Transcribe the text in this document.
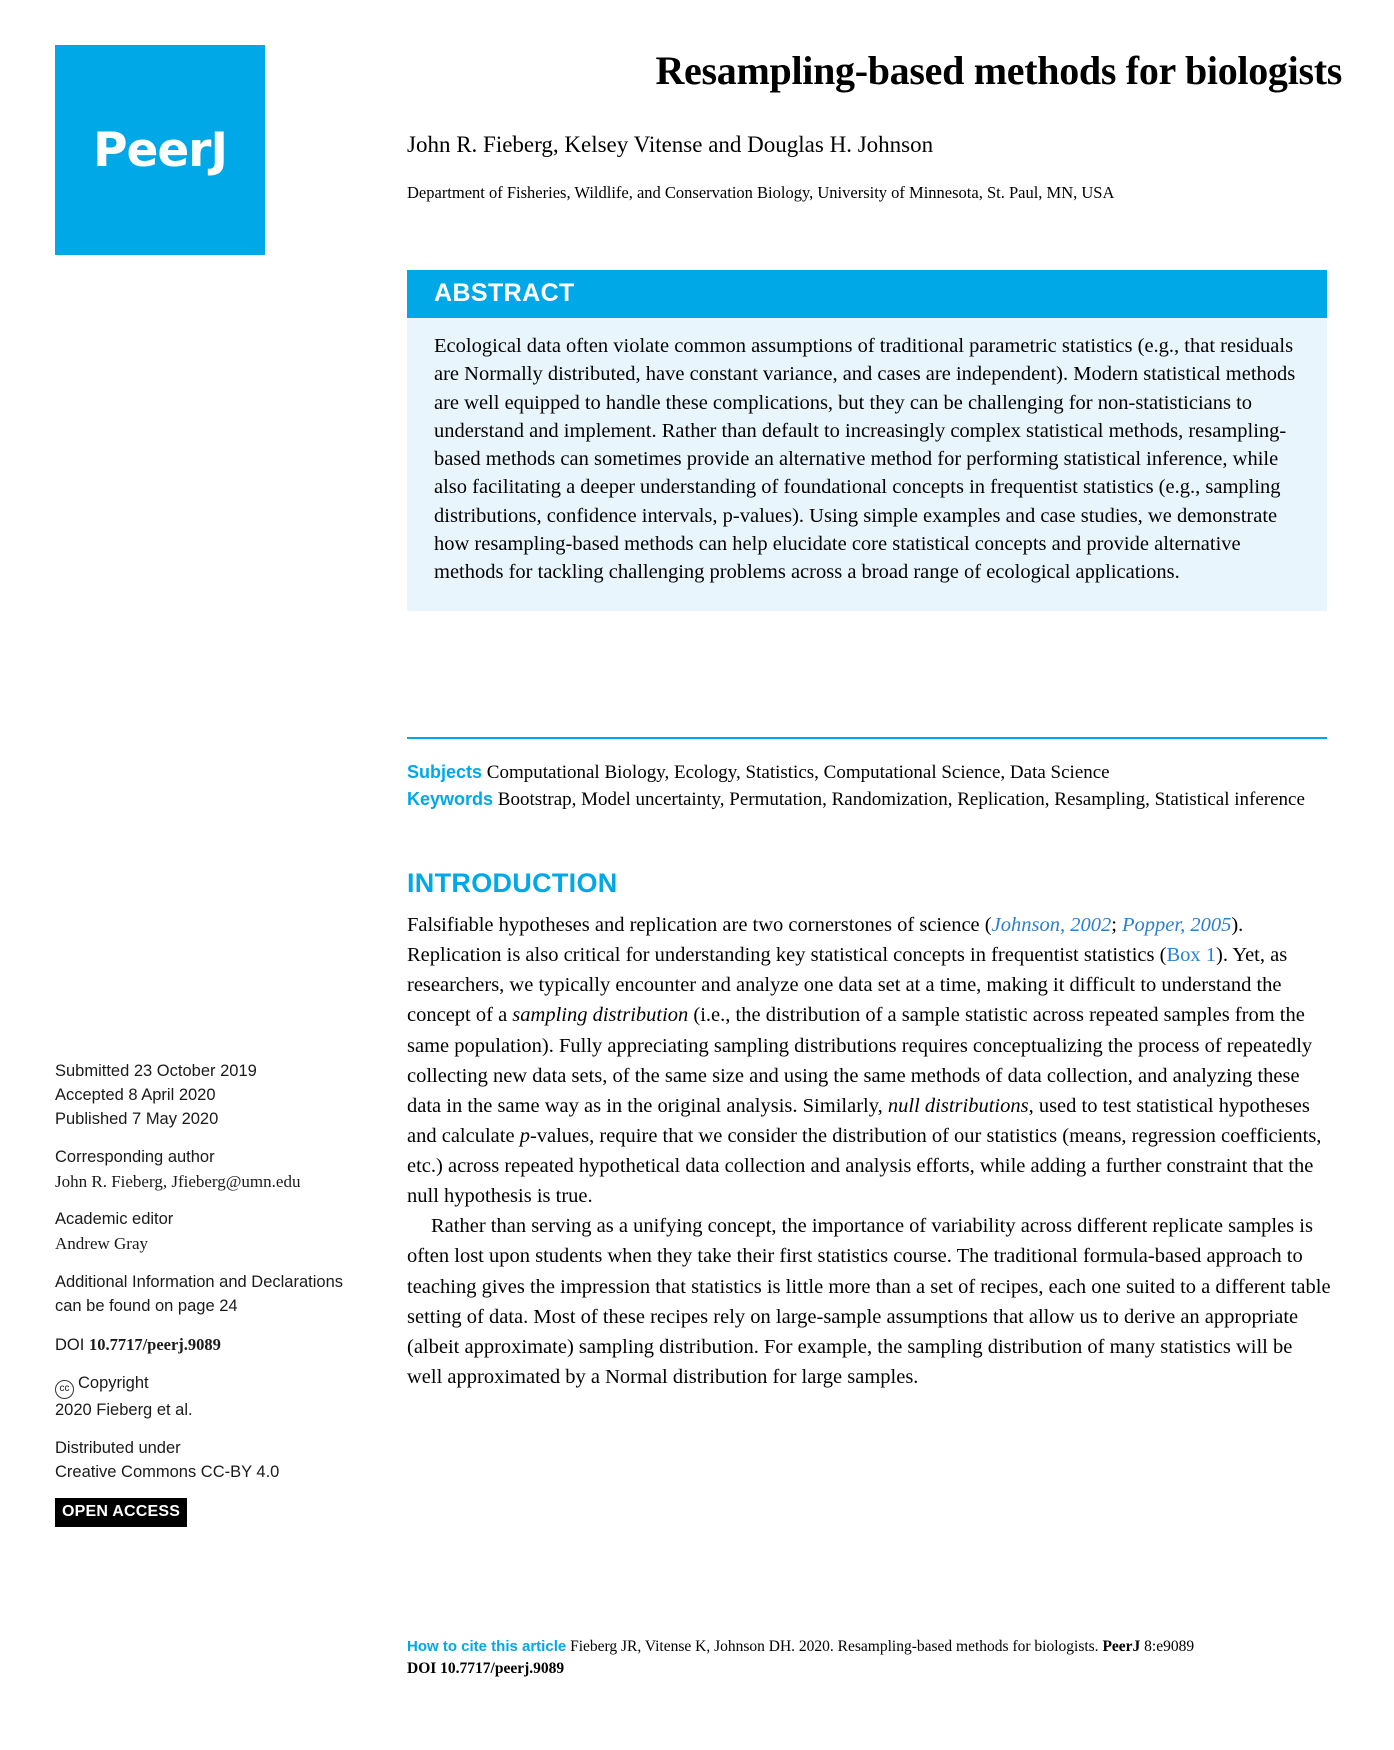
PeerJ
Resampling-based methods for biologists
John R. Fieberg, Kelsey Vitense and Douglas H. Johnson
Department of Fisheries, Wildlife, and Conservation Biology, University of Minnesota, St. Paul, MN, USA
ABSTRACT
Ecological data often violate common assumptions of traditional parametric statistics (e.g., that residuals are Normally distributed, have constant variance, and cases are independent). Modern statistical methods are well equipped to handle these complications, but they can be challenging for non-statisticians to understand and implement. Rather than default to increasingly complex statistical methods, resampling-based methods can sometimes provide an alternative method for performing statistical inference, while also facilitating a deeper understanding of foundational concepts in frequentist statistics (e.g., sampling distributions, confidence intervals, p-values). Using simple examples and case studies, we demonstrate how resampling-based methods can help elucidate core statistical concepts and provide alternative methods for tackling challenging problems across a broad range of ecological applications.
Subjects Computational Biology, Ecology, Statistics, Computational Science, Data Science
Keywords Bootstrap, Model uncertainty, Permutation, Randomization, Replication, Resampling, Statistical inference
INTRODUCTION

Falsifiable hypotheses and replication are two cornerstones of science (Johnson, 2002; Popper, 2005). Replication is also critical for understanding key statistical concepts in frequentist statistics (Box 1). Yet, as researchers, we typically encounter and analyze one data set at a time, making it difficult to understand the concept of a sampling distribution (i.e., the distribution of a sample statistic across repeated samples from the same population). Fully appreciating sampling distributions requires conceptualizing the process of repeatedly collecting new data sets, of the same size and using the same methods of data collection, and analyzing these data in the same way as in the original analysis. Similarly, null distributions, used to test statistical hypotheses and calculate p-values, require that we consider the distribution of our statistics (means, regression coefficients, etc.) across repeated hypothetical data collection and analysis efforts, while adding a further constraint that the null hypothesis is true.

Rather than serving as a unifying concept, the importance of variability across different replicate samples is often lost upon students when they take their first statistics course. The traditional formula-based approach to teaching gives the impression that statistics is little more than a set of recipes, each one suited to a different table setting of data. Most of these recipes rely on large-sample assumptions that allow us to derive an appropriate (albeit approximate) sampling distribution. For example, the sampling distribution of many statistics will be well approximated by a Normal distribution for large samples.

Submitted 23 October 2019
Accepted 8 April 2020
Published 7 May 2020
Corresponding author
John R. Fieberg, Jfieberg@umn.edu
Academic editor
Andrew Gray
Additional Information and Declarations can be found on page 24
DOI 10.7717/peerj.9089
cc Copyright
2020 Fieberg et al.
Distributed under
Creative Commons CC-BY 4.0
OPEN ACCESS
How to cite this article Fieberg JR, Vitense K, Johnson DH. 2020. Resampling-based methods for biologists. PeerJ 8:e9089
DOI 10.7717/peerj.9089
